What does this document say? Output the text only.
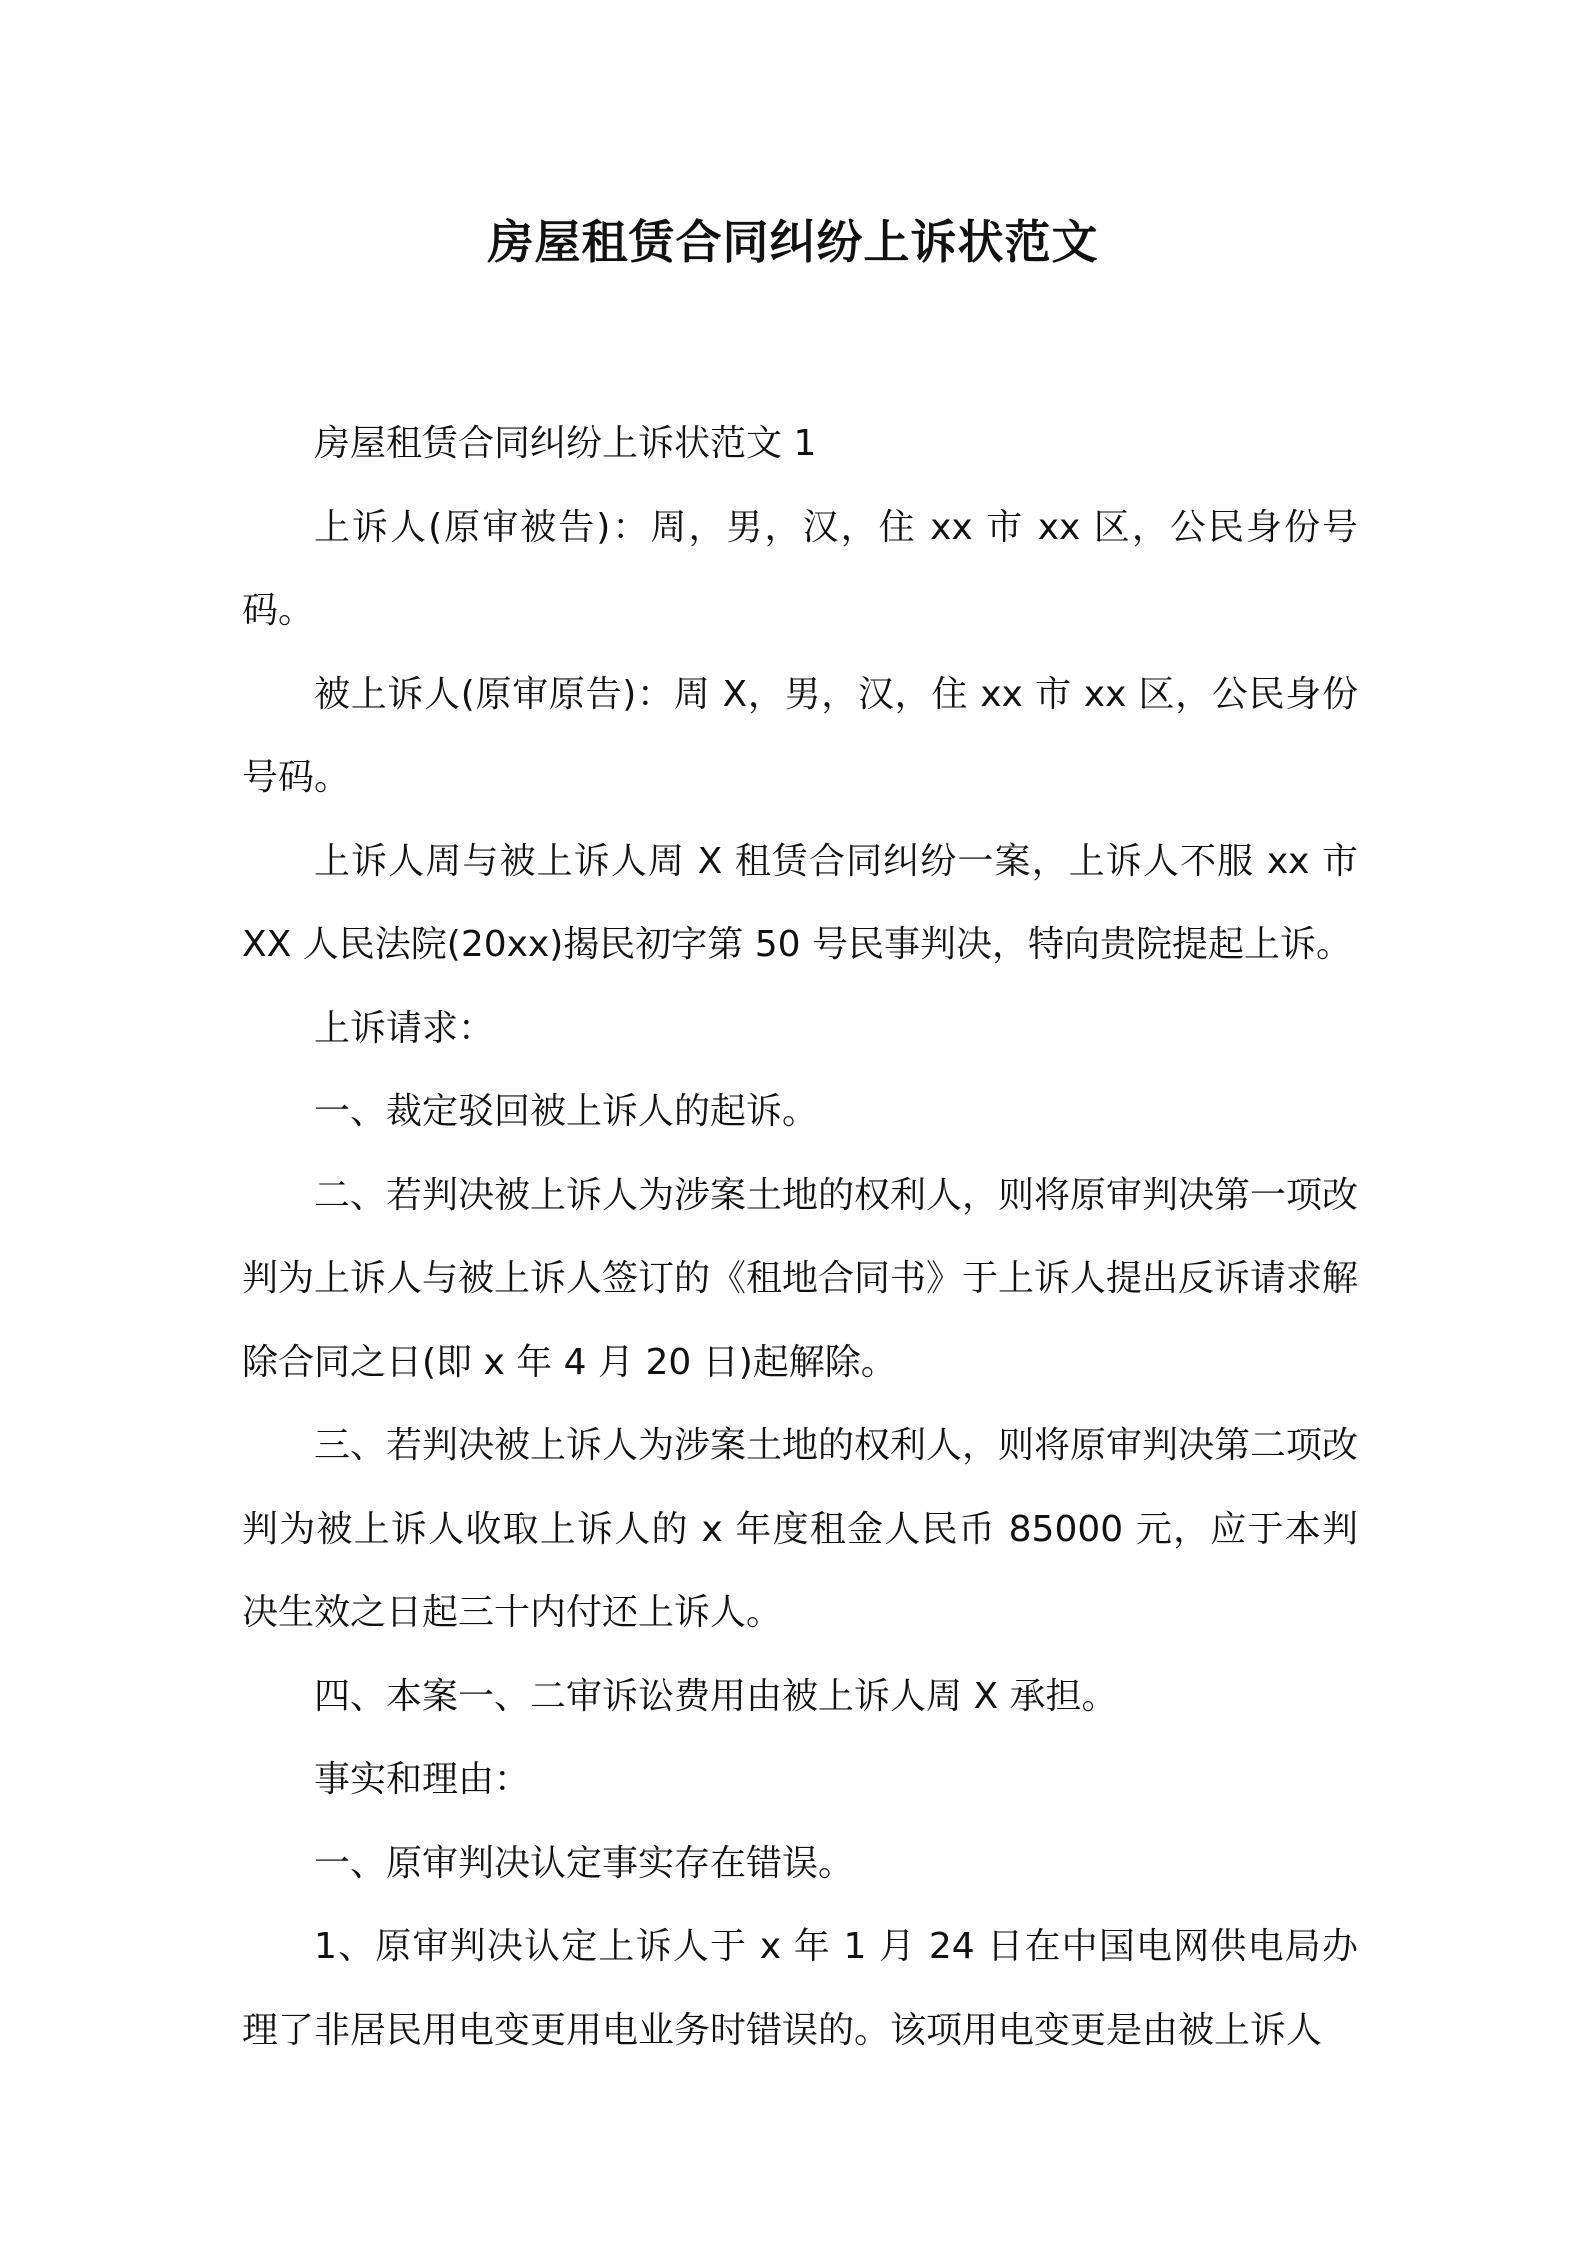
房屋租赁合同纠纷上诉状范文

房屋租赁合同纠纷上诉状范文 1

上诉人(原审被告)：周，男，汉，住 xx 市 xx 区，公民身份号码。

被上诉人(原审原告)：周 X，男，汉，住 xx 市 xx 区，公民身份号码。

上诉人周与被上诉人周 X 租赁合同纠纷一案，上诉人不服 xx 市 XX 人民法院(20xx)揭民初字第 50 号民事判决，特向贵院提起上诉。

上诉请求：

一、裁定驳回被上诉人的起诉。

二、若判决被上诉人为涉案土地的权利人，则将原审判决第一项改判为上诉人与被上诉人签订的《租地合同书》于上诉人提出反诉请求解除合同之日(即 x 年 4 月 20 日)起解除。

三、若判决被上诉人为涉案土地的权利人，则将原审判决第二项改判为被上诉人收取上诉人的 x 年度租金人民币 85000 元，应于本判决生效之日起三十内付还上诉人。

四、本案一、二审诉讼费用由被上诉人周 X 承担。

事实和理由：

一、原审判决认定事实存在错误。

1、原审判决认定上诉人于 x 年 1 月 24 日在中国电网供电局办理了非居民用电变更用电业务时错误的。该项用电变更是由被上诉人
